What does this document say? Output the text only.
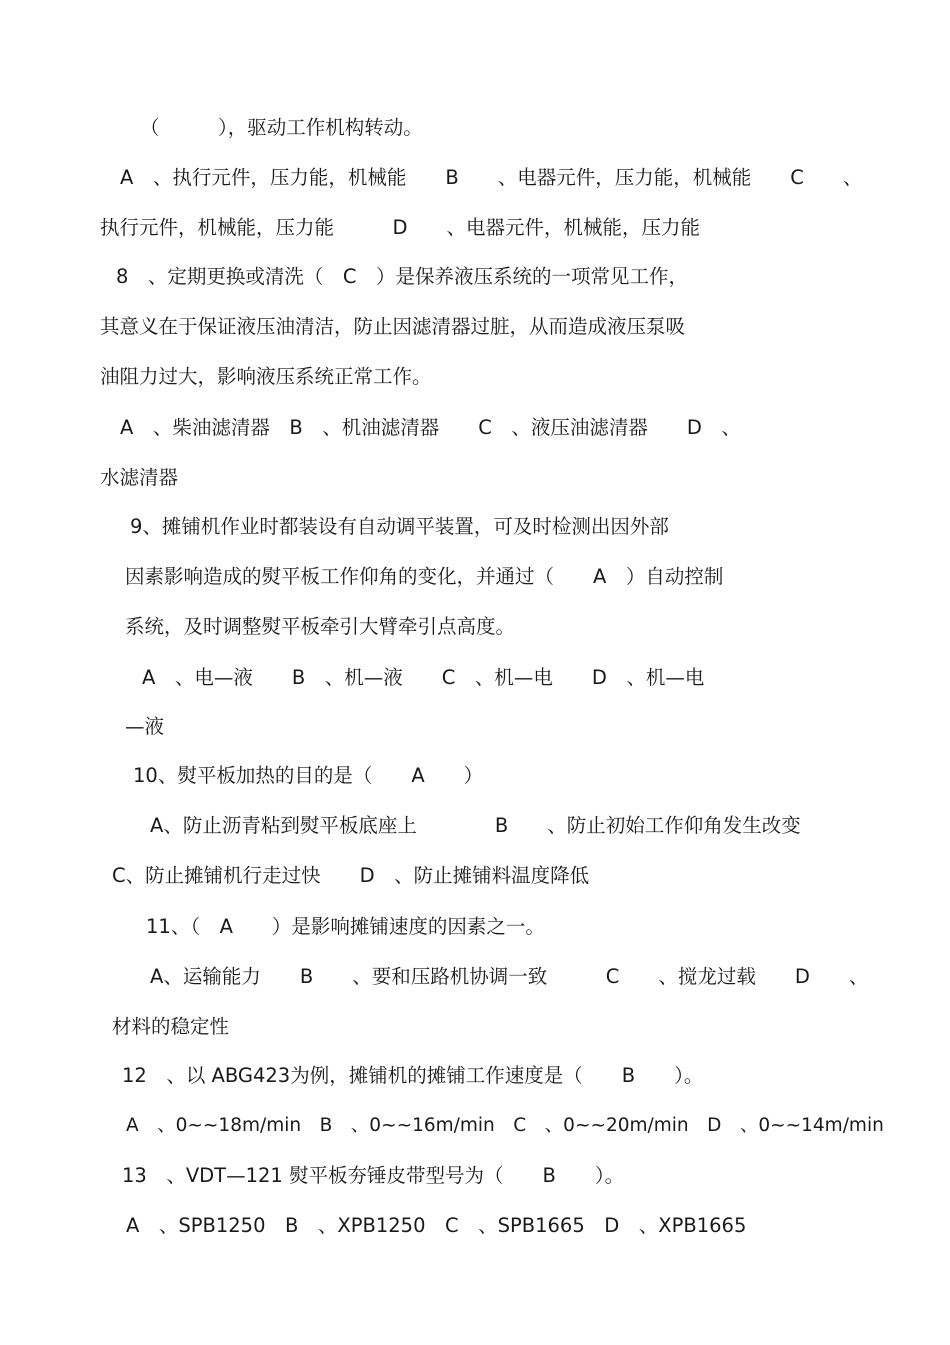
（　　　），驱动工作机构转动。
A　、执行元件，压力能，机械能　　B　　、电器元件，压力能，机械能　　C　　、
执行元件，机械能，压力能　　　D　　、电器元件，机械能，压力能
8　、定期更换或清洗（　C　）是保养液压系统的一项常见工作，
其意义在于保证液压油清洁，防止因滤清器过脏，从而造成液压泵吸
油阻力过大，影响液压系统正常工作。
A　、柴油滤清器　B　、机油滤清器　　C　、液压油滤清器　　D　、
水滤清器
9、摊铺机作业时都装设有自动调平装置，可及时检测出因外部
因素影响造成的熨平板工作仰角的变化，并通过（　　A　）自动控制
系统，及时调整熨平板牵引大臂牵引点高度。
A　、电—液　　B　、机—液　　C　、机—电　　D　、机—电
—液
10、熨平板加热的目的是（　　A　　）
A、防止沥青粘到熨平板底座上　　　　B　　、防止初始工作仰角发生改变
C、防止摊铺机行走过快　　D　、防止摊铺料温度降低
11、（　A　　）是影响摊铺速度的因素之一。
A、运输能力　　B　　、要和压路机协调一致　　　C　　、搅龙过载　　D　　、
材料的稳定性
12　、以 ABG423为例，摊铺机的摊铺工作速度是（　　B　　）。
A　、0~~18m/min　B　、0~~16m/min　C　、0~~20m/min　D　、0~~14m/min
13　、VDT—121 熨平板夯锤皮带型号为（　　B　　）。
A　、SPB1250　B　、XPB1250　C　、SPB1665　D　、XPB1665
